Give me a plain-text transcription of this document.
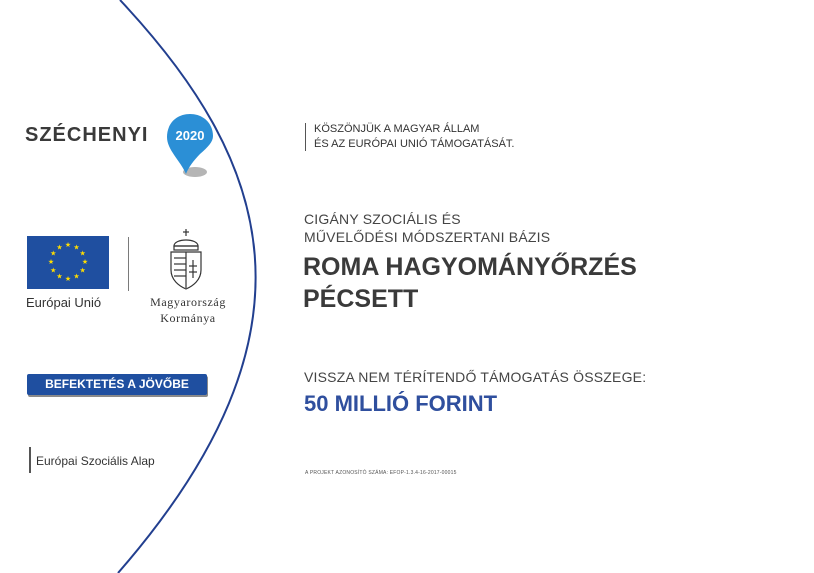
SZÉCHENYI 2020
★ ★
★
★
★
★
★
★
★
★
★
★
Európai Unió	Magyarország
Kormánya
BEFEKTETÉS A JÖVŐBE
Európai Szociális Alap
KÖSZÖNJÜK A MAGYAR ÁLLAM
ÉS AZ EURÓPAI UNIÓ TÁMOGATÁSÁT.
CIGÁNY SZOCIÁLIS ÉS
MŰVELŐDÉSI MÓDSZERTANI BÁZIS
ROMA HAGYOMÁNYŐRZÉS
PÉCSETT
VISSZA NEM TÉRÍTENDŐ TÁMOGATÁS ÖSSZEGE:
50 MILLIÓ FORINT
A PROJEKT AZONOSÍTÓ SZÁMA: EFOP-1.3.4-16-2017-00015
